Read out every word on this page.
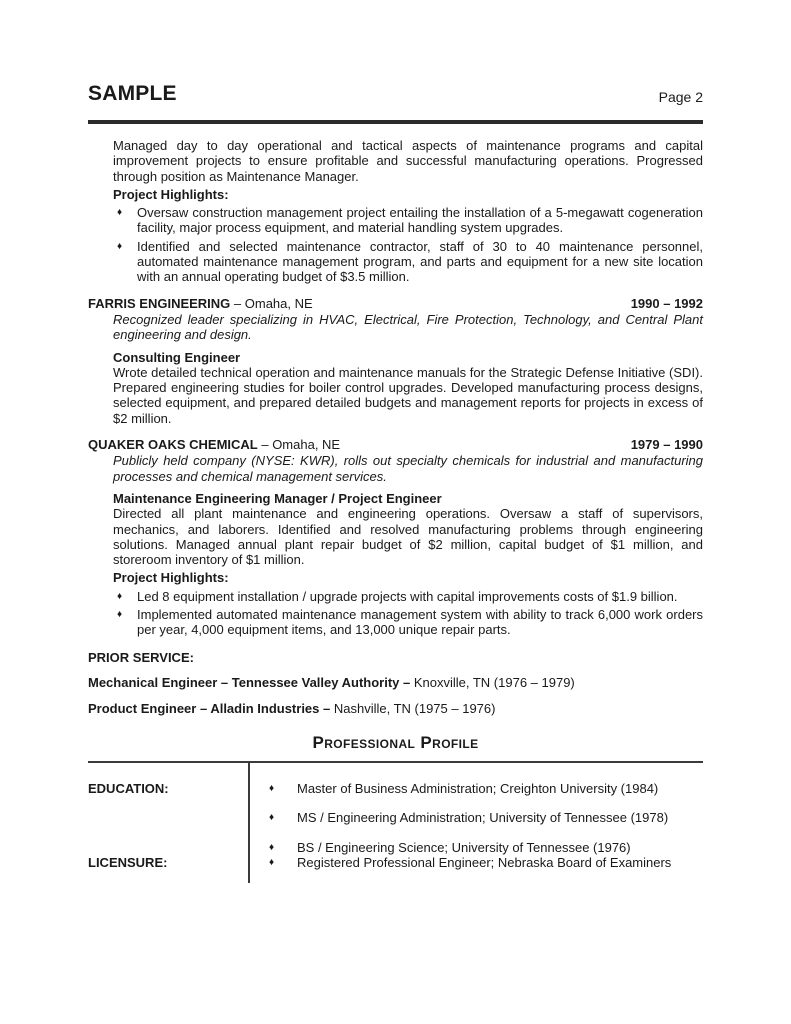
SAMPLE	Page 2

Managed day to day operational and tactical aspects of maintenance programs and capital improvement projects to ensure profitable and successful manufacturing operations. Progressed through position as Maintenance Manager.

Project Highlights:

♦	Oversaw construction management project entailing the installation of a 5-megawatt cogeneration facility, major process equipment, and material handling system upgrades.
♦	Identified and selected maintenance contractor, staff of 30 to 40 maintenance personnel, automated maintenance management program, and parts and equipment for a new site location with an annual operating budget of $3.5 million.
FARRIS ENGINEERING – Omaha, NE	1990 – 1992

Recognized leader specializing in HVAC, Electrical, Fire Protection, Technology, and Central Plant engineering and design.

Consulting Engineer

Wrote detailed technical operation and maintenance manuals for the Strategic Defense Initiative (SDI). Prepared engineering studies for boiler control upgrades. Developed manufacturing process designs, selected equipment, and prepared detailed budgets and management reports for projects in excess of $2 million.

QUAKER OAKS CHEMICAL – Omaha, NE	1979 – 1990

Publicly held company (NYSE: KWR), rolls out specialty chemicals for industrial and manufacturing processes and chemical management services.

Maintenance Engineering Manager / Project Engineer

Directed all plant maintenance and engineering operations. Oversaw a staff of supervisors, mechanics, and laborers. Identified and resolved manufacturing problems through engineering solutions. Managed annual plant repair budget of $2 million, capital budget of $1 million, and storeroom inventory of $1 million.

Project Highlights:

♦	Led 8 equipment installation / upgrade projects with capital improvements costs of $1.9 billion.
♦	Implemented automated maintenance management system with ability to track 6,000 work orders per year, 4,000 equipment items, and 13,000 unique repair parts.

PRIOR SERVICE:

Mechanical Engineer – Tennessee Valley Authority – Knoxville, TN (1976 – 1979)

Product Engineer – Alladin Industries – Nashville, TN (1975 – 1976)

Professional Profile
EDUCATION:	♦	Master of Business Administration; Creighton University (1984)
♦	MS / Engineering Administration; University of Tennessee (1978)
♦	BS / Engineering Science; University of Tennessee (1976)
LICENSURE:	♦	Registered Professional Engineer; Nebraska Board of Examiners
